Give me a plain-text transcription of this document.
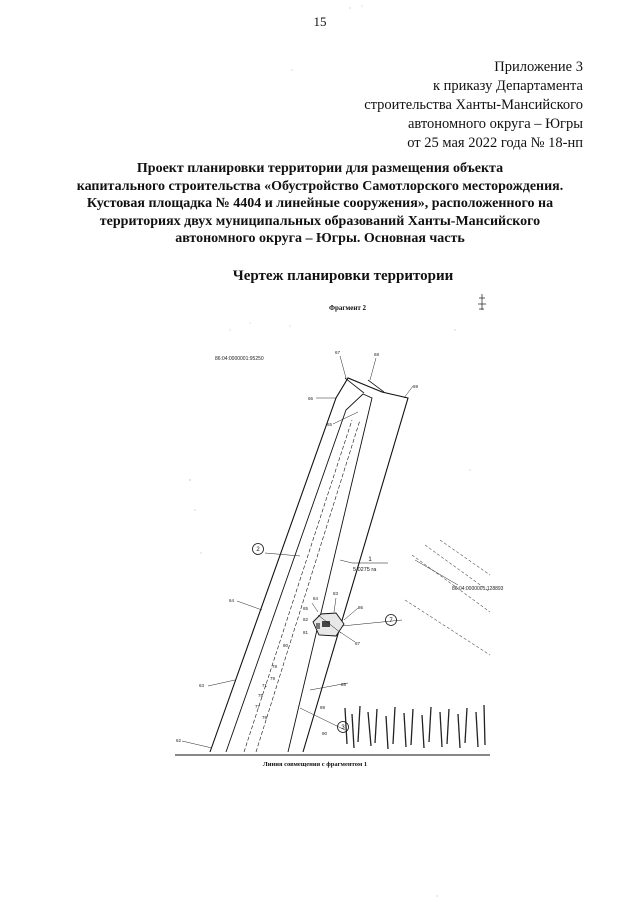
15
Приложение 3
к приказу Департамента
строительства Ханты-Мансийского
автономного округа – Югры
от 25 мая 2022 года № 18-нп
Проект планировки территории для размещения объекта
капитального строительства «Обустройство Самотлорского месторождения.
Кустовая площадка № 4404 и линейные сооружения», расположенного на
территориях двух муниципальных образований Ханты-Мансийского
автономного округа – Югры. Основная часть
Чертеж планировки территории
Фрагмент 2
86:04:0000001:95250
86:04:0000001:128893
2
7
3
1
5.0275 га
67	68
66
65
69
64
63
62
84
83
85	86
82
81
87
80
79
76
75
71
77
78
88
89
90
Линия совмещения с фрагментом 1
